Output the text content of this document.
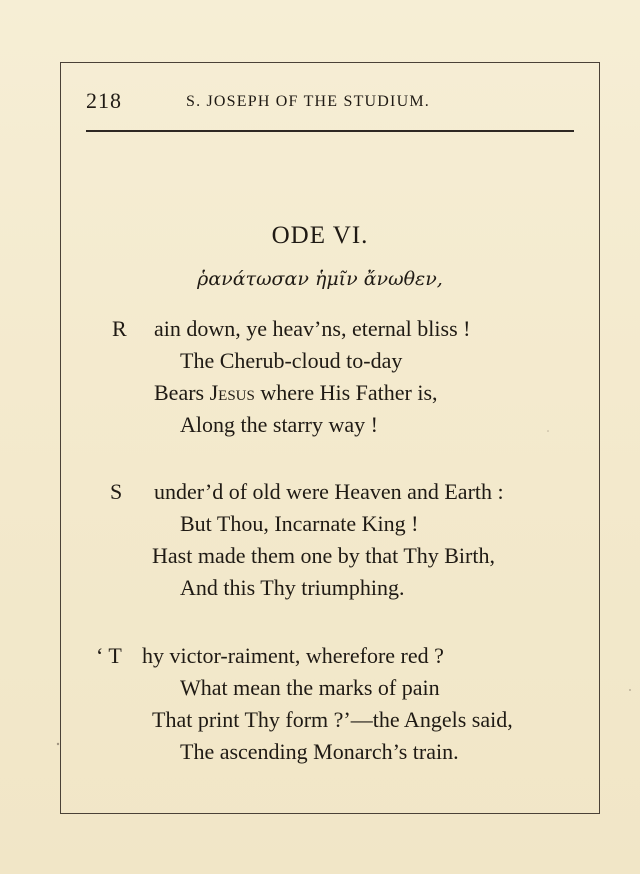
218	S. JOSEPH OF THE STUDIUM.
ODE VI.
ῥανάτωσαν ἡμῖν ἄνωθεν,
R ain down, ye heav’ns, eternal bliss !
The Cherub-cloud to-day
Bears Jesus where His Father is,
Along the starry way !
S under’d of old were Heaven and Earth :
But Thou, Incarnate King !
Hast made them one by that Thy Birth,
And this Thy triumphing.
‘ T hy victor-raiment, wherefore red ?
What mean the marks of pain
That print Thy form ?’—the Angels said,
The ascending Monarch’s train.
